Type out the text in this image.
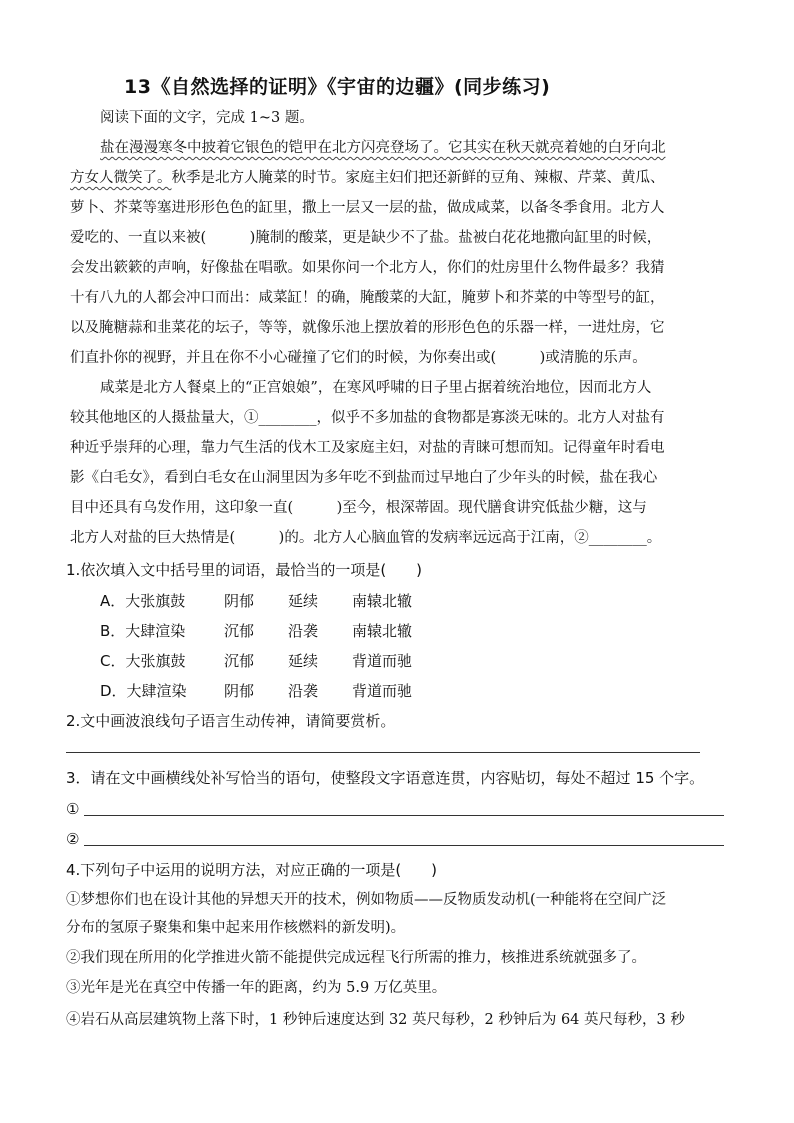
13《自然选择的证明》《宇宙的边疆》(同步练习)
阅读下面的文字，完成 1~3 题。
盐在漫漫寒冬中披着它银色的铠甲在北方闪亮登场了。它其实在秋天就亮着她的白牙向北
方女人微笑了。秋季是北方人腌菜的时节。家庭主妇们把还新鲜的豆角、辣椒、芹菜、黄瓜、
萝卜、芥菜等塞进形形色色的缸里，撒上一层又一层的盐，做成咸菜，以备冬季食用。北方人
爱吃的、一直以来被(　　　)腌制的酸菜，更是缺少不了盐。盐被白花花地撒向缸里的时候，
会发出簌簌的声响，好像盐在唱歌。如果你问一个北方人，你们的灶房里什么物件最多？我猜
十有八九的人都会冲口而出：咸菜缸！的确，腌酸菜的大缸，腌萝卜和芥菜的中等型号的缸，
以及腌糖蒜和韭菜花的坛子，等等，就像乐池上摆放着的形形色色的乐器一样，一进灶房，它
们直扑你的视野，并且在你不小心碰撞了它们的时候，为你奏出或(　　　)或清脆的乐声。
咸菜是北方人餐桌上的“正宫娘娘”，在寒风呼啸的日子里占据着统治地位，因而北方人
较其他地区的人摄盐量大，①________，似乎不多加盐的食物都是寡淡无味的。北方人对盐有
种近乎崇拜的心理，靠力气生活的伐木工及家庭主妇，对盐的青睐可想而知。记得童年时看电
影《白毛女》，看到白毛女在山洞里因为多年吃不到盐而过早地白了少年头的时候，盐在我心
目中还具有乌发作用，这印象一直(　　　)至今，根深蒂固。现代膳食讲究低盐少糖，这与
北方人对盐的巨大热情是(　　　)的。北方人心脑血管的发病率远远高于江南，②________。
1.依次填入文中括号里的词语，最恰当的一项是(　　)
A．大张旗鼓	阴郁 延续 南辕北辙
B．大肆渲染	沉郁 沿袭 南辕北辙
C．大张旗鼓	沉郁 延续 背道而驰
D．大肆渲染 阴郁 沿袭 背道而驰
2.文中画波浪线句子语言生动传神，请简要赏析。
3．请在文中画横线处补写恰当的语句，使整段文字语意连贯，内容贴切，每处不超过 15 个字。
①
②
4.下列句子中运用的说明方法，对应正确的一项是(　　)
①梦想你们也在设计其他的异想天开的技术，例如物质——反物质发动机(一种能将在空间广泛
分布的氢原子聚集和集中起来用作核燃料的新发明)。
②我们现在所用的化学推进火箭不能提供完成远程飞行所需的推力，核推进系统就强多了。
③光年是光在真空中传播一年的距离，约为 5.9 万亿英里。
④岩石从高层建筑物上落下时，1 秒钟后速度达到 32 英尺每秒，2 秒钟后为 64 英尺每秒，3 秒
